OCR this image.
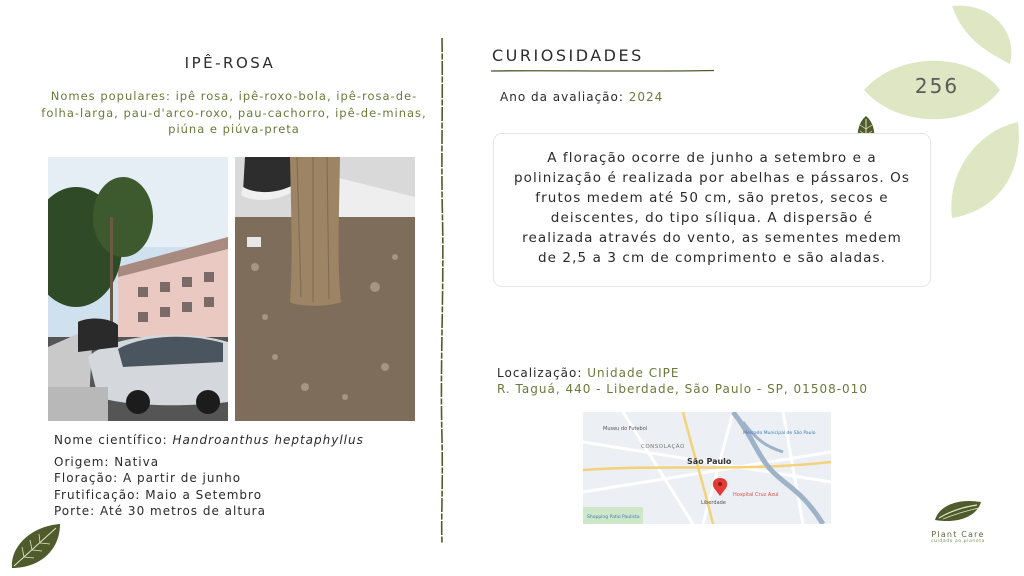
256
IPÊ-ROSA
Nomes populares: ipê rosa, ipê-roxo-bola, ipê-rosa-de-folha-larga, pau-d'arco-roxo, pau-cachorro, ipê-de-minas, piúna e piúva-preta
Nome científico: Handroanthus heptaphyllus
Origem: Nativa
Floração: A partir de junho
Frutificação: Maio a Setembro
Porte: Até 30 metros de altura
CURIOSIDADES
Ano da avaliação: 2024
A floração ocorre de junho a setembro e a polinização é realizada por abelhas e pássaros. Os frutos medem até 50 cm, são pretos, secos e deiscentes, do tipo síliqua. A dispersão é realizada através do vento, as sementes medem de 2,5 a 3 cm de comprimento e são aladas.
Localização: Unidade CIPE
R. Taguá, 440 - Liberdade, São Paulo - SP, 01508-010
Museu do Futebol
CONSOLAÇÃO
São Paulo
Mercado Municipal de São Paulo
Liberdade
Hospital Cruz Azul
Shopping Patio Paulista
Plant Care
cuidado ao planeta
